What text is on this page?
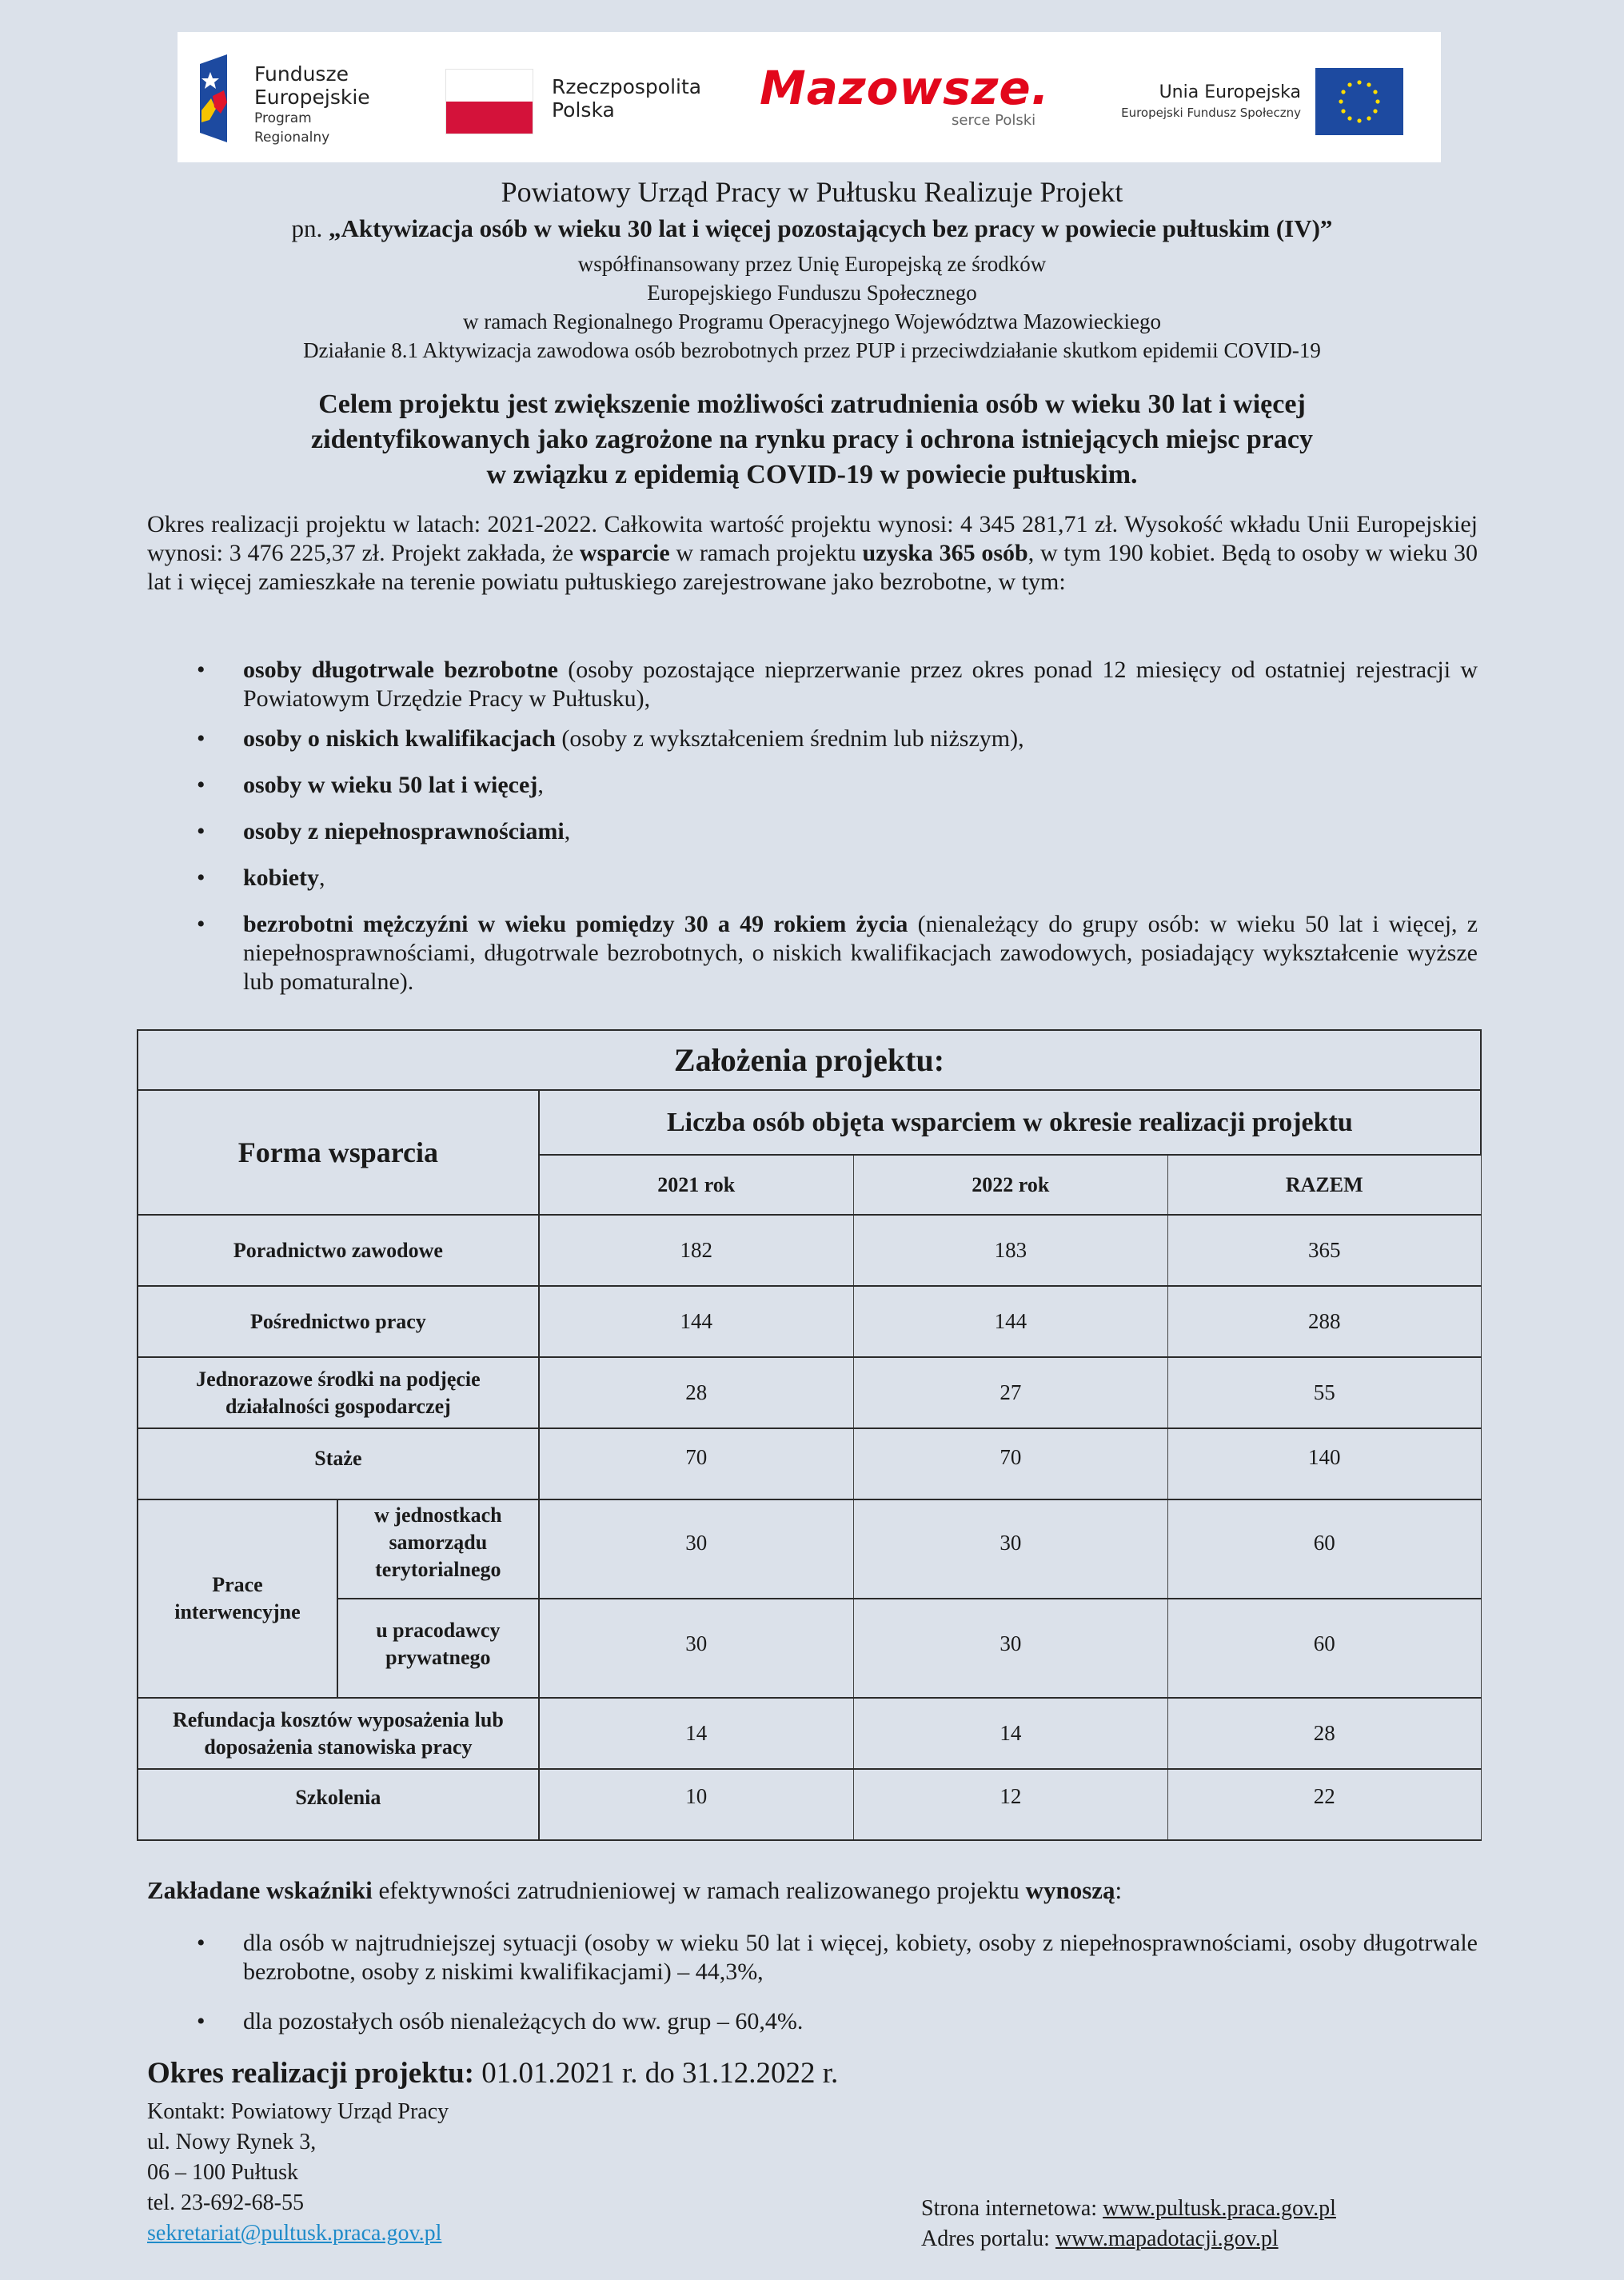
Fundusze
Europejskie
Program Regionalny
Rzeczpospolita
Polska	Mazowsze.
serce Polski
Unia Europejska
Europejski Fundusz Społeczny
Powiatowy Urząd Pracy w Pułtusku Realizuje Projekt
pn. „Aktywizacja osób w wieku 30 lat i więcej pozostających bez pracy w powiecie pułtuskim (IV)”
współfinansowany przez Unię Europejską ze środków
Europejskiego Funduszu Społecznego
w ramach Regionalnego Programu Operacyjnego Województwa Mazowieckiego
Działanie 8.1 Aktywizacja zawodowa osób bezrobotnych przez PUP i przeciwdziałanie skutkom epidemii COVID-19
Celem projektu jest zwiększenie możliwości zatrudnienia osób w wieku 30 lat i więcej
zidentyfikowanych jako zagrożone na rynku pracy i ochrona istniejących miejsc pracy
w związku z epidemią COVID-19 w powiecie pułtuskim.
Okres realizacji projektu w latach: 2021-2022. Całkowita wartość projektu wynosi: 4 345 281,71 zł. Wysokość wkładu Unii Europejskiej wynosi: 3 476 225,37 zł. Projekt zakłada, że wsparcie w ramach projektu uzyska 365 osób, w tym 190 kobiet. Będą to osoby w wieku 30 lat i więcej zamieszkałe na terenie powiatu pułtuskiego zarejestrowane jako bezrobotne, w tym:
• osoby długotrwale bezrobotne (osoby pozostające nieprzerwanie przez okres ponad 12 miesięcy od ostatniej rejestracji w Powiatowym Urzędzie Pracy w Pułtusku),
• osoby o niskich kwalifikacjach (osoby z wykształceniem średnim lub niższym),
• osoby w wieku 50 lat i więcej,
• osoby z niepełnosprawnościami,
• kobiety,
• bezrobotni mężczyźni w wieku pomiędzy 30 a 49 rokiem życia (nienależący do grupy osób: w wieku 50 lat i więcej, z niepełnosprawnościami, długotrwale bezrobotnych, o niskich kwalifikacjach zawodowych, posiadający wykształcenie wyższe lub pomaturalne).
Założenia projektu:				
Forma wsparcia		Liczba osób objęta wsparciem w okresie realizacji projektu		
		2021 rok	2022 rok	RAZEM
Poradnictwo zawodowe		182	183	365
Pośrednictwo pracy		144	144	288
Jednorazowe środki na podjęcie działalności gospodarczej		28	27	55
Staże		70	70	140
Prace interwencyjne	w jednostkach samorządu terytorialnego	30	30	60
	u pracodawcy prywatnego	30	30	60
Refundacja kosztów wyposażenia lub doposażenia stanowiska pracy		14	14	28
Szkolenia		10	12	22
Zakładane wskaźniki efektywności zatrudnieniowej w ramach realizowanego projektu wynoszą:
• dla osób w najtrudniejszej sytuacji (osoby w wieku 50 lat i więcej, kobiety, osoby z niepełnosprawnościami, osoby długotrwale bezrobotne, osoby z niskimi kwalifikacjami) – 44,3%,
• dla pozostałych osób nienależących do ww. grup – 60,4%.
Okres realizacji projektu: 01.01.2021 r. do 31.12.2022 r.
Kontakt: Powiatowy Urząd Pracy
ul. Nowy Rynek 3,
06 – 100 Pułtusk
tel. 23-692-68-55
sekretariat@pultusk.praca.gov.pl
Strona internetowa: www.pultusk.praca.gov.pl
Adres portalu: www.mapadotacji.gov.pl
